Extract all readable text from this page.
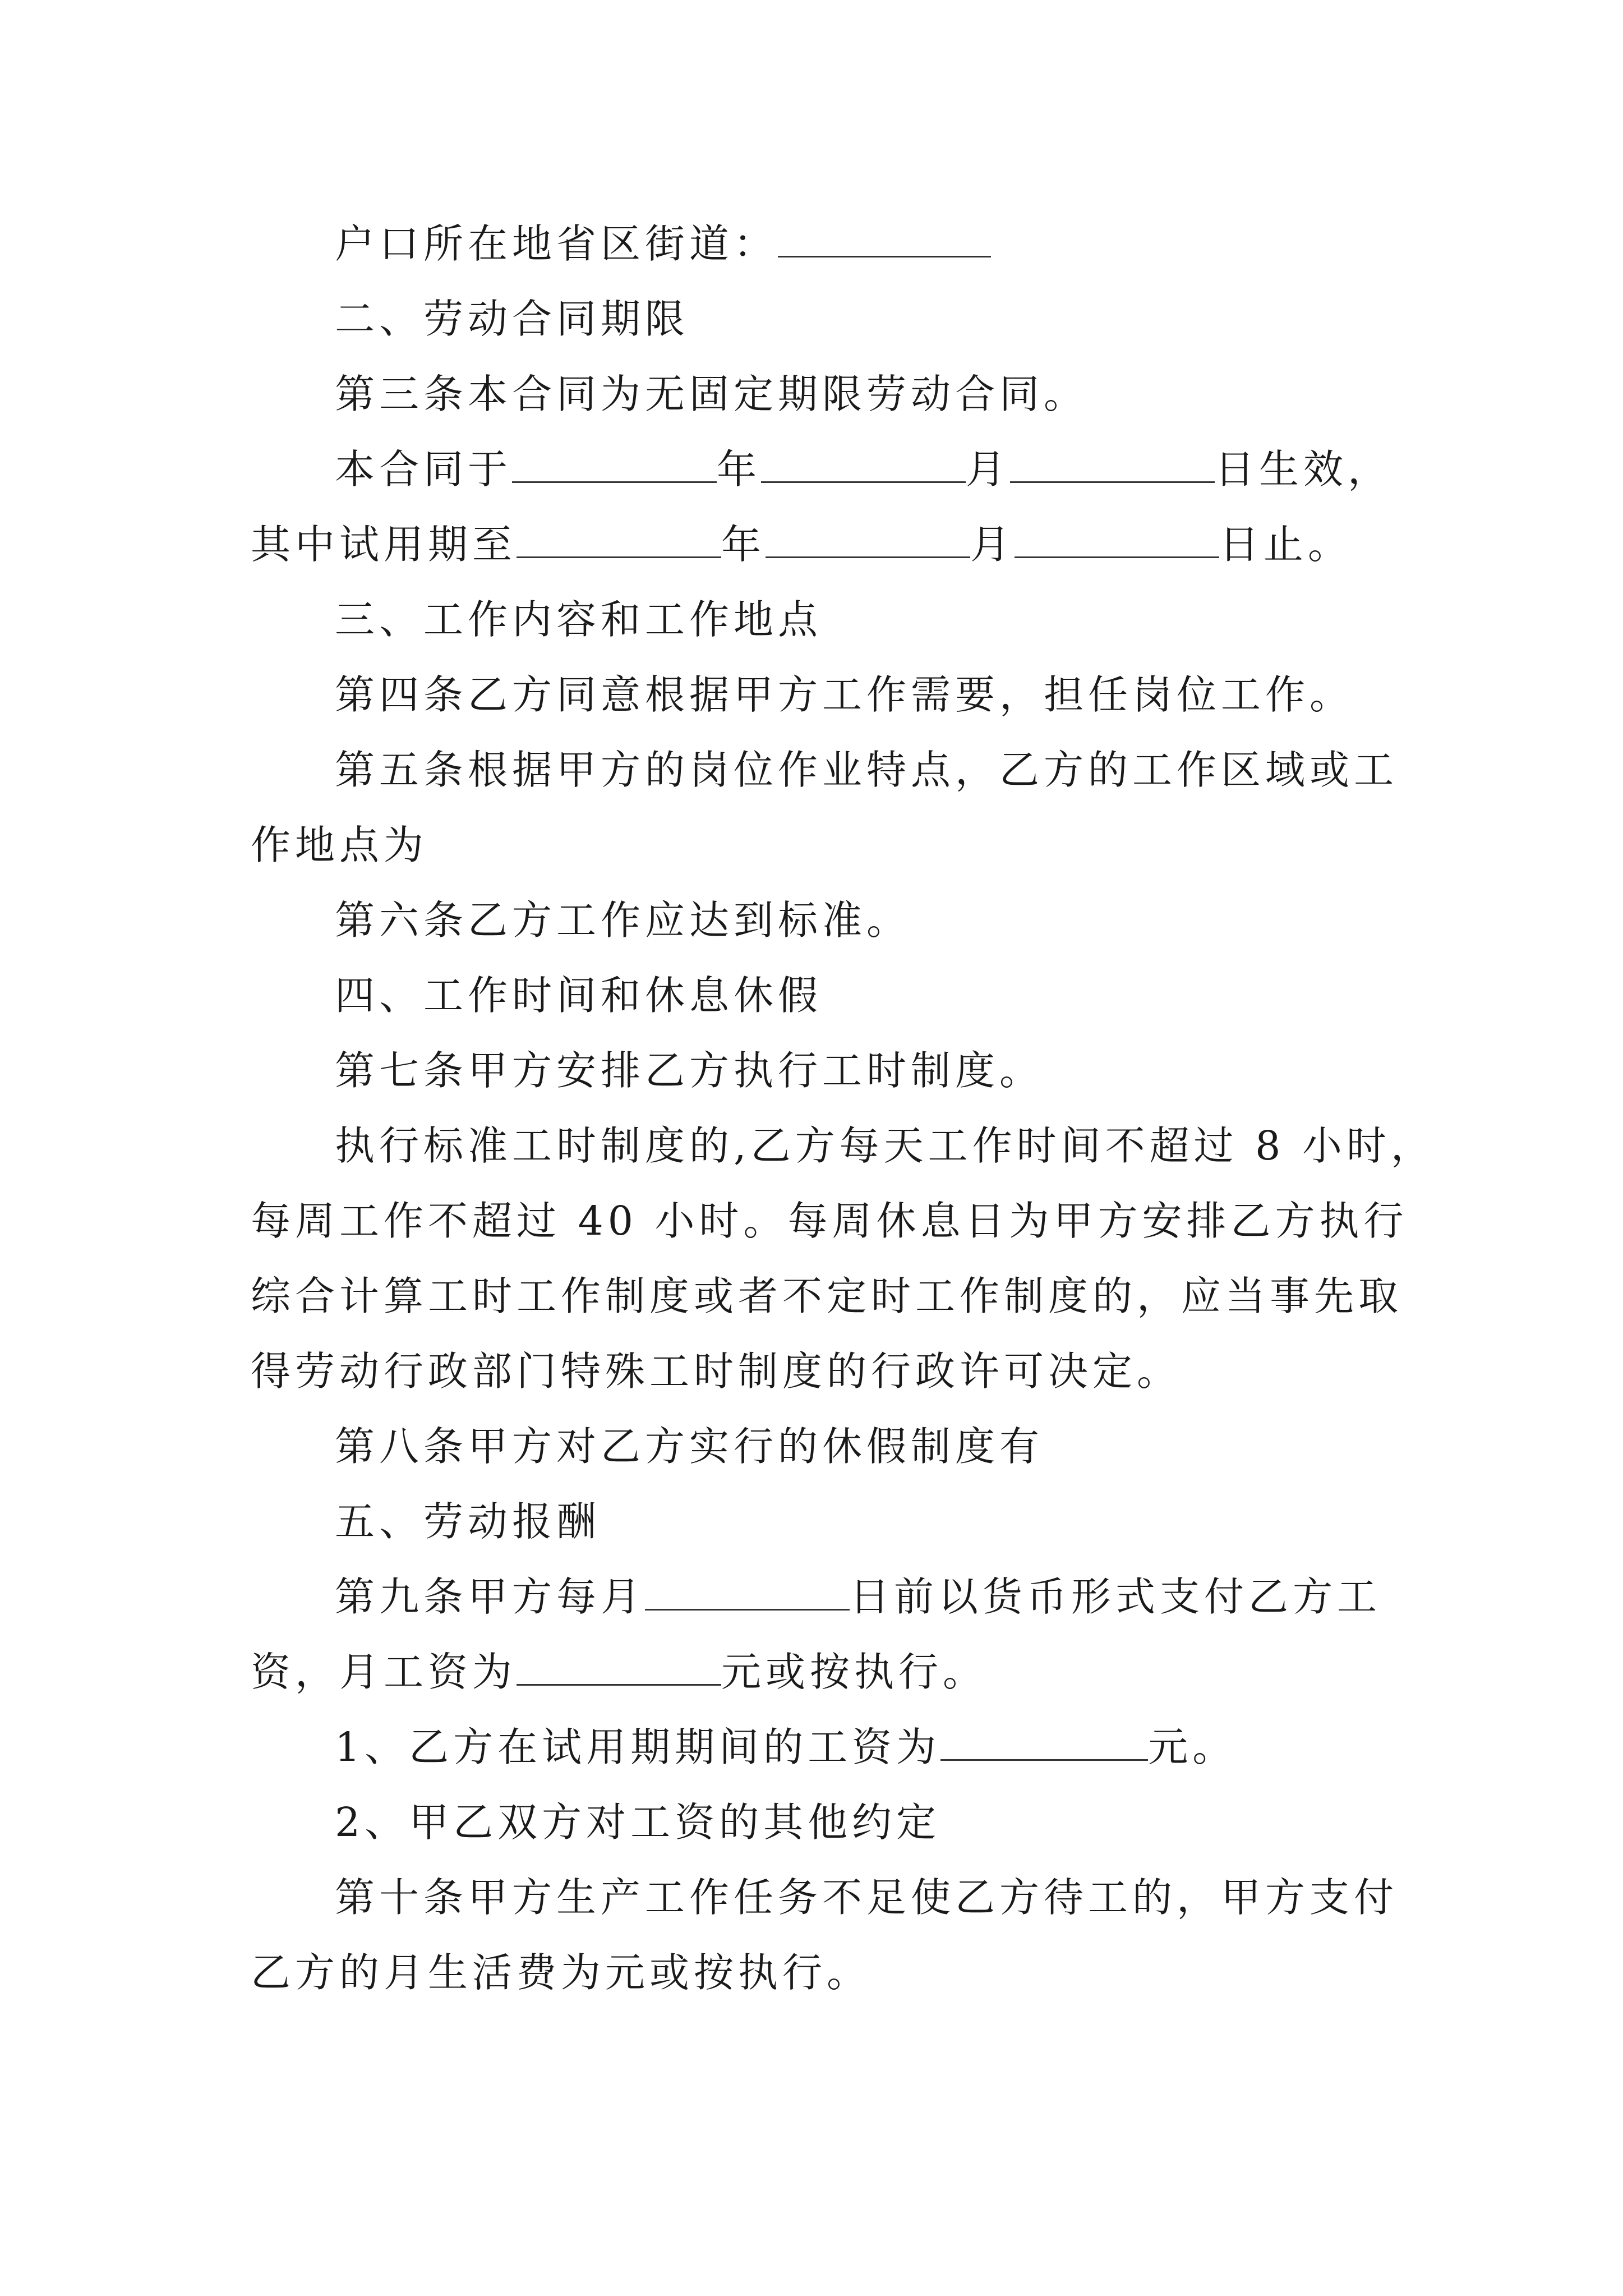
户口所在地省区街道：
二、劳动合同期限
第三条本合同为无固定期限劳动合同。
本合同于	年	月	日生效，
其中试用期至	年	月	日止。
三、工作内容和工作地点
第四条乙方同意根据甲方工作需要，担任岗位工作。
第五条根据甲方的岗位作业特点，乙方的工作区域或工
作地点为
第六条乙方工作应达到标准。
四、工作时间和休息休假
第七条甲方安排乙方执行工时制度。
执行标准工时制度的,乙方每天工作时间不超过 8 小时，
每周工作不超过 40 小时。每周休息日为甲方安排乙方执行
综合计算工时工作制度或者不定时工作制度的，应当事先取
得劳动行政部门特殊工时制度的行政许可决定。
第八条甲方对乙方实行的休假制度有
五、劳动报酬
第九条甲方每月	日前以货币形式支付乙方工
资，月工资为	元或按执行。
1、乙方在试用期期间的工资为	元。
2、甲乙双方对工资的其他约定
第十条甲方生产工作任务不足使乙方待工的，甲方支付
乙方的月生活费为元或按执行。
